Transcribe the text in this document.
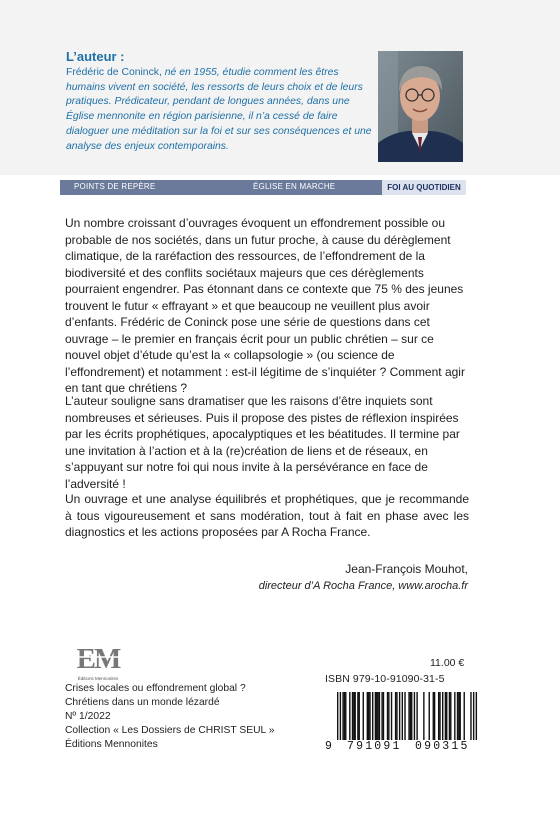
L’auteur :
Frédéric de Coninck, né en 1955, étudie comment les êtres humains vivent en société, les ressorts de leurs choix et de leurs pratiques. Prédicateur, pendant de longues années, dans une Église mennonite en région parisienne, il n’a cessé de faire dialoguer une méditation sur la foi et sur ses conséquences et une analyse des enjeux contemporains.
POINTS DE REPÈRE	ÉGLISE EN MARCHE	FOI AU QUOTIDIEN
Un nombre croissant d’ouvrages évoquent un effondrement possible ou probable de nos sociétés, dans un futur proche, à cause du dérèglement climatique, de la raréfaction des ressources, de l’effondrement de la biodiversité et des conflits sociétaux majeurs que ces dérèglements pourraient engendrer. Pas étonnant dans ce contexte que 75 % des jeunes trouvent le futur « effrayant » et que beaucoup ne veuillent plus avoir d’enfants. Frédéric de Coninck pose une série de questions dans cet ouvrage – le premier en français écrit pour un public chrétien – sur ce nouvel objet d’étude qu’est la « collapsologie » (ou science de l’effondrement) et notamment : est-il légitime de s’inquiéter ? Comment agir en tant que chrétiens ?
L’auteur souligne sans dramatiser que les raisons d’être inquiets sont nombreuses et sérieuses. Puis il propose des pistes de réflexion inspirées par les écrits prophétiques, apocalyptiques et les béatitudes. Il termine par une invitation à l’action et à la (re)création de liens et de réseaux, en s’appuyant sur notre foi qui nous invite à la persévérance en face de l’adversité !
Un ouvrage et une analyse équilibrés et prophétiques, que je recommande à tous vigoureusement et sans modération, tout à fait en phase avec les diagnostics et les actions proposées par A Rocha France.
Jean-François Mouhot,
directeur d’A Rocha France, www.arocha.fr
EM
Éditions Mennonites
11.00 €
ISBN 979-10-91090-31-5
9 791091 090315
Crises locales ou effondrement global ?
Chrétiens dans un monde lézardé
Nº 1/2022
Collection « Les Dossiers de CHRIST SEUL »
Éditions Mennonites
